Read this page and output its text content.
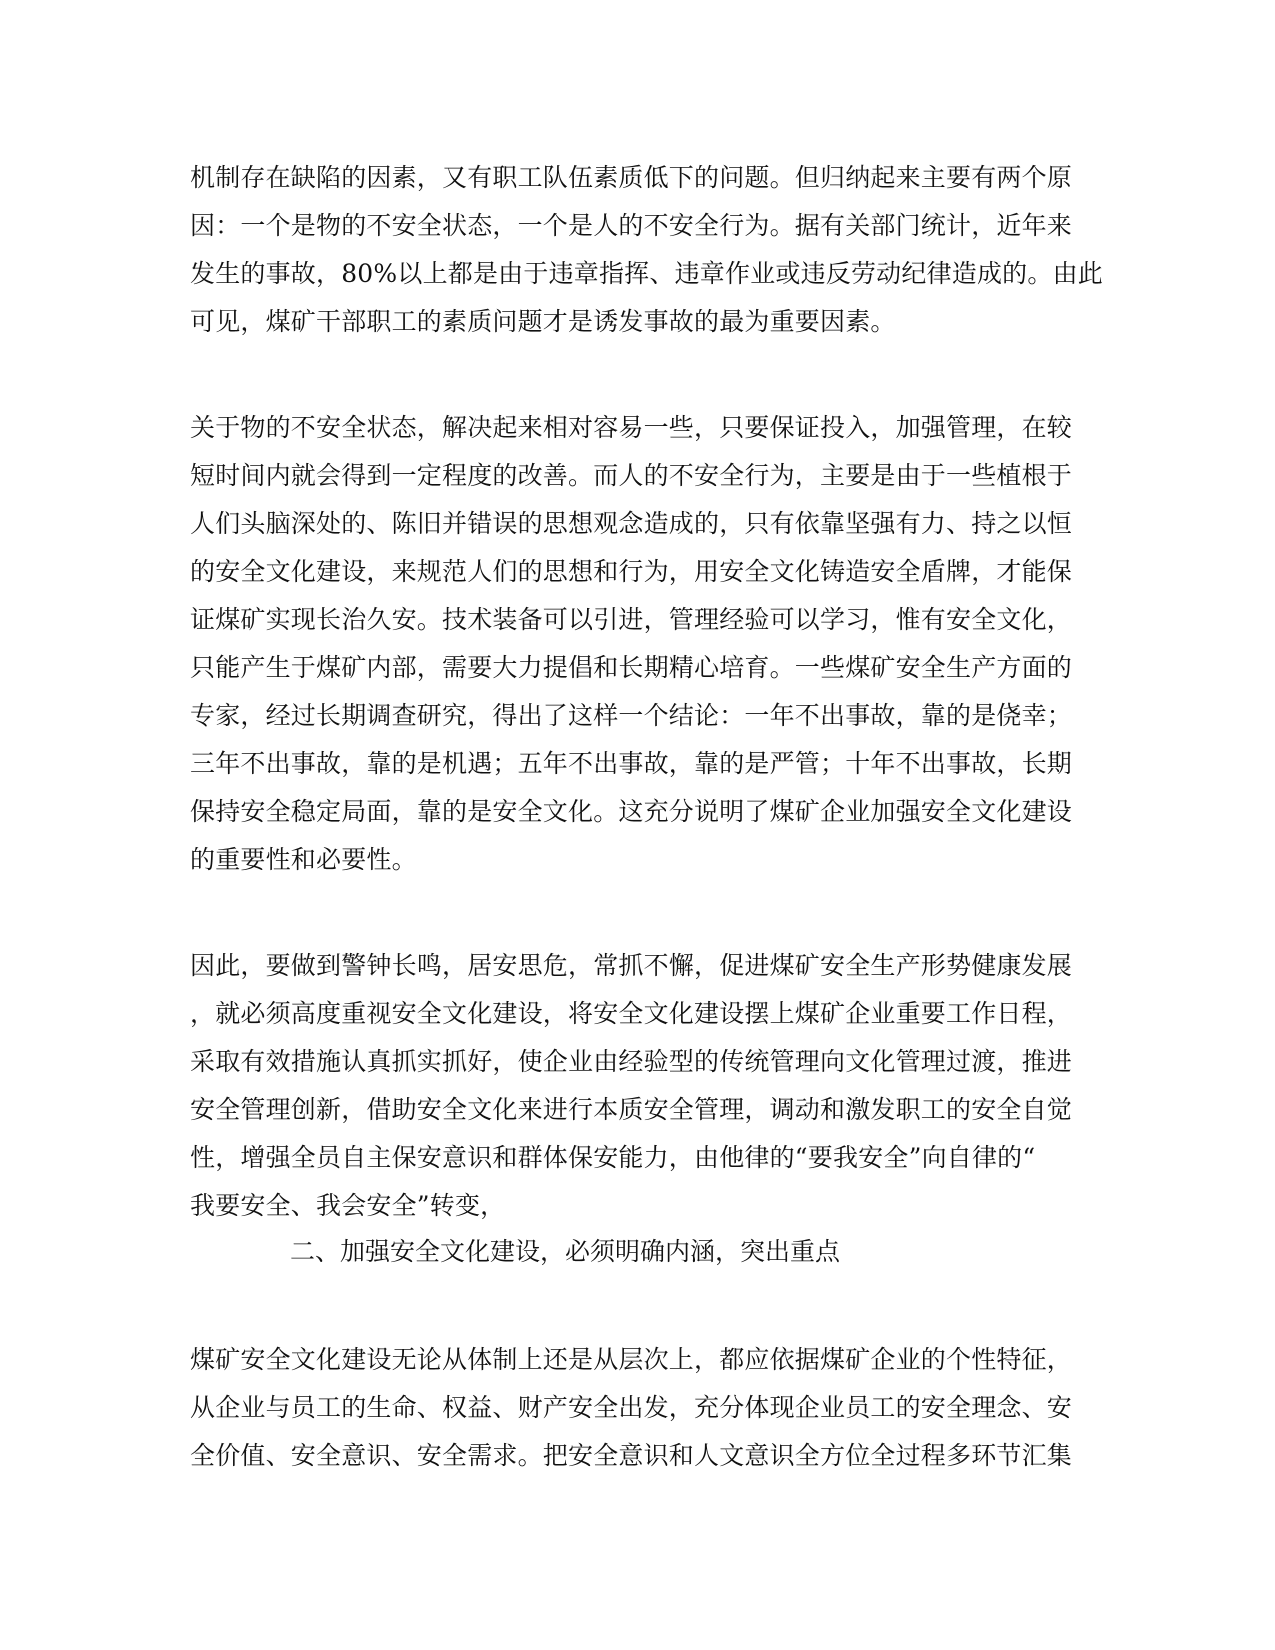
机制存在缺陷的因素，又有职工队伍素质低下的问题。但归纳起来主要有两个原
因：一个是物的不安全状态，一个是人的不安全行为。据有关部门统计，近年来
发生的事故，80%以上都是由于违章指挥、违章作业或违反劳动纪律造成的。由此
可见，煤矿干部职工的素质问题才是诱发事故的最为重要因素。
关于物的不安全状态，解决起来相对容易一些，只要保证投入，加强管理，在较
短时间内就会得到一定程度的改善。而人的不安全行为，主要是由于一些植根于
人们头脑深处的、陈旧并错误的思想观念造成的，只有依靠坚强有力、持之以恒
的安全文化建设，来规范人们的思想和行为，用安全文化铸造安全盾牌，才能保
证煤矿实现长治久安。技术装备可以引进，管理经验可以学习，惟有安全文化，
只能产生于煤矿内部，需要大力提倡和长期精心培育。一些煤矿安全生产方面的
专家，经过长期调查研究，得出了这样一个结论：一年不出事故，靠的是侥幸；
三年不出事故，靠的是机遇；五年不出事故，靠的是严管；十年不出事故，长期
保持安全稳定局面，靠的是安全文化。这充分说明了煤矿企业加强安全文化建设
的重要性和必要性。
因此，要做到警钟长鸣，居安思危，常抓不懈，促进煤矿安全生产形势健康发展
，就必须高度重视安全文化建设，将安全文化建设摆上煤矿企业重要工作日程，
采取有效措施认真抓实抓好，使企业由经验型的传统管理向文化管理过渡，推进
安全管理创新，借助安全文化来进行本质安全管理，调动和激发职工的安全自觉
性，增强全员自主保安意识和群体保安能力，由他律的“要我安全”向自律的“
我要安全、我会安全”转变，
二、加强安全文化建设，必须明确内涵，突出重点
煤矿安全文化建设无论从体制上还是从层次上，都应依据煤矿企业的个性特征，
从企业与员工的生命、权益、财产安全出发，充分体现企业员工的安全理念、安
全价值、安全意识、安全需求。把安全意识和人文意识全方位全过程多环节汇集
